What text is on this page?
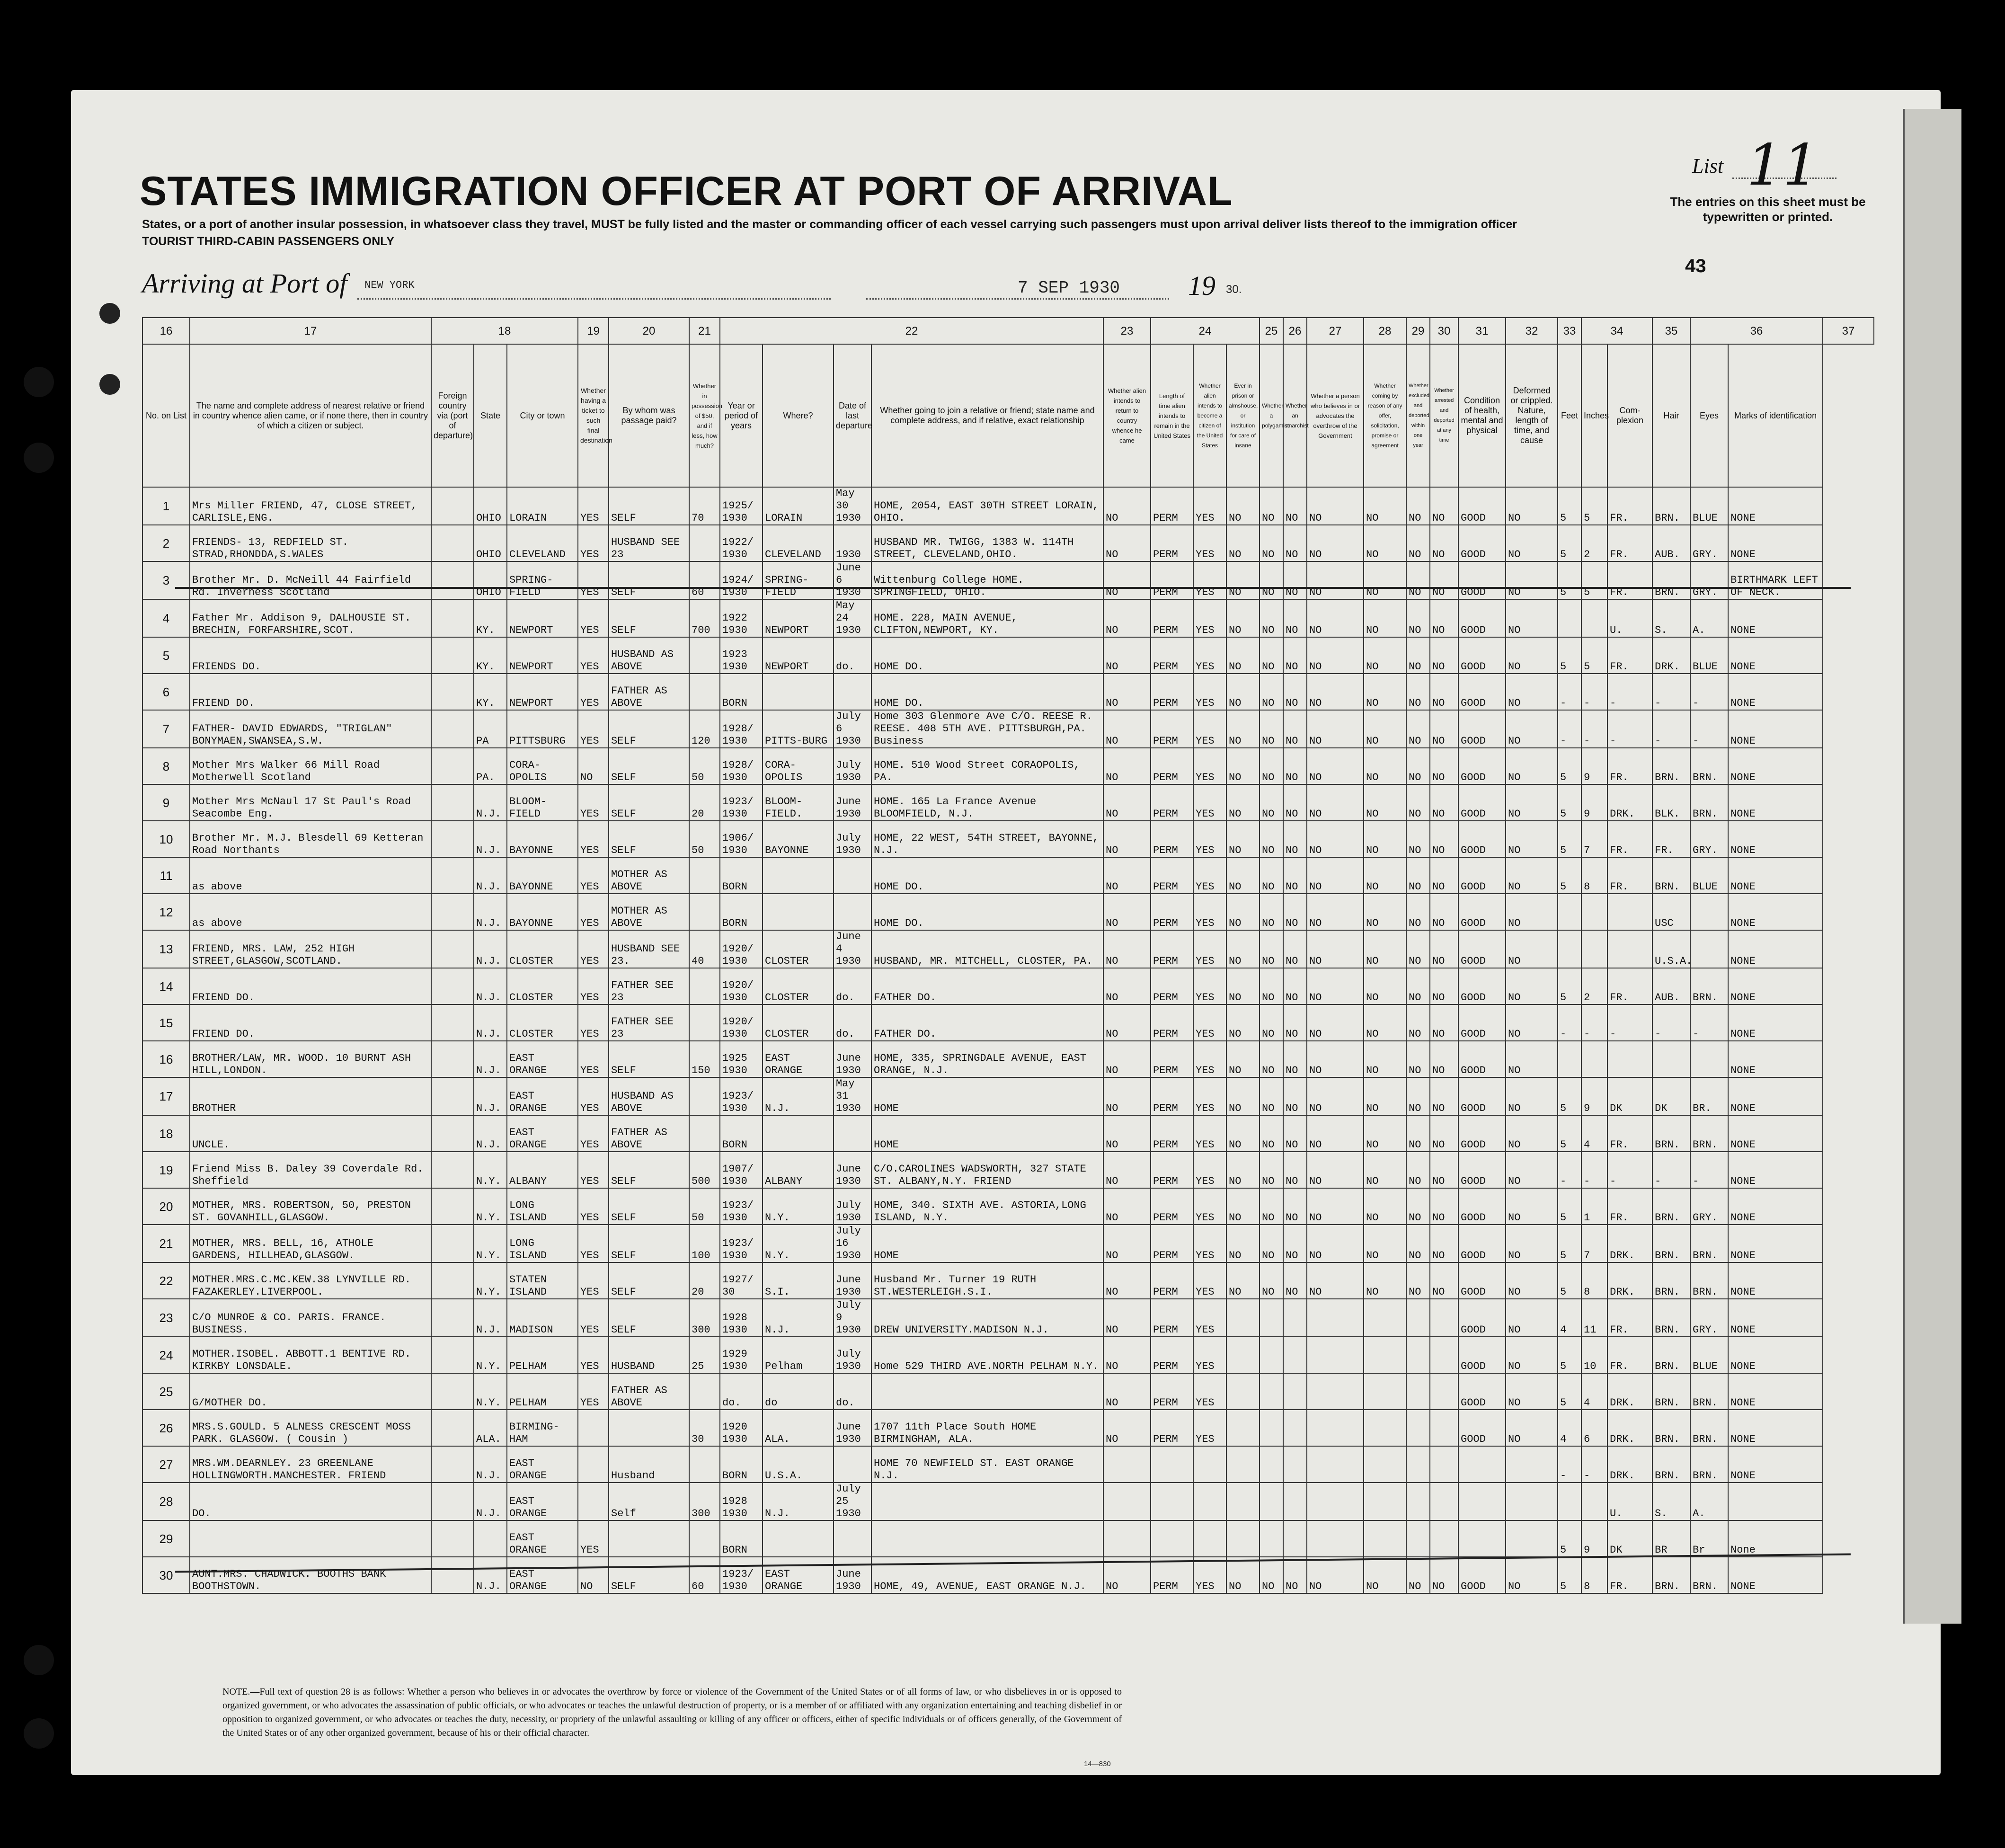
STATES IMMIGRATION OFFICER AT PORT OF ARRIVAL
States, or a port of another insular possession, in whatsoever class they travel, MUST be fully listed and the master or commanding officer of each vessel carrying such passengers must upon arrival deliver lists thereof to the immigration officer
TOURIST THIRD-CABIN PASSENGERS ONLY
Arriving at Port of NEW YORK	7 SEP 1930 19 30.
List 11
The entries on this sheet must be typewritten or printed.
43
16	17	18			19	20	21	22				23	24			25	26	27	28	29	30	31	32	33	34		35	36		37
No. on List	The name and complete address of nearest relative or friend in country whence alien came, or if none there, then in country of which a citizen or subject.	Foreign country via (port of departure)	State	City or town	Whether having a ticket to such final destination	By whom was passage paid?	Whether in possession of $50, and if less, how much?	Year or period of years	Where?	Date of last departure	Whether going to join a relative or friend; state name and complete address, and if relative, exact relationship	Whether alien intends to return to country whence he came	Length of time alien intends to remain in the United States	Whether alien intends to become a citizen of the United States	Ever in prison or almshouse, or institution for care of insane	Whether a polygamist	Whether an anarchist	Whether a person who believes in or advocates the overthrow of the Government	Whether coming by reason of any offer, solicitation, promise or agreement	Whether excluded and deported within one year	Whether arrested and deported at any time	Condition of health, mental and physical	Deformed or crippled. Nature, length of time, and cause	Feet	Inches	Com-plexion	Hair	Eyes	Marks of identification	
1	Mrs Miller FRIEND, 47, CLOSE STREET, CARLISLE,ENG.		OHIO	LORAIN	YES	SELF	70	1925/ 1930	LORAIN	May 30 1930	HOME, 2054, EAST 30TH STREET LORAIN, OHIO.	NO	PERM	YES	NO	NO	NO	NO	NO	NO	NO	GOOD	NO	5	5	FR.	BRN.	BLUE	NONE	
2	FRIENDS- 13, REDFIELD ST. STRAD,RHONDDA,S.WALES		OHIO	CLEVELAND	YES	HUSBAND SEE 23		1922/ 1930	CLEVELAND	1930	HUSBAND MR. TWIGG, 1383 W. 114TH STREET, CLEVELAND,OHIO.	NO	PERM	YES	NO	NO	NO	NO	NO	NO	NO	GOOD	NO	5	2	FR.	AUB.	GRY.	NONE	
3	Brother Mr. D. McNeill 44 Fairfield Rd. Inverness Scotland		OHIO	SPRING-FIELD	YES	SELF	60	1924/ 1930	SPRING-FIELD	June 6 1930	Wittenburg College HOME. SPRINGFIELD, OHIO.	NO	PERM	YES	NO	NO	NO	NO	NO	NO	NO	GOOD	NO	5	5	FR.	BRN.	GRY.	BIRTHMARK LEFT OF NECK.	
4	Father Mr. Addison 9, DALHOUSIE ST. BRECHIN, FORFARSHIRE,SCOT.		KY.	NEWPORT	YES	SELF	700	1922 1930	NEWPORT	May 24 1930	HOME. 228, MAIN AVENUE, CLIFTON,NEWPORT, KY.	NO	PERM	YES	NO	NO	NO	NO	NO	NO	NO	GOOD	NO			U.	S.	A.	NONE	
5	FRIENDS DO.		KY.	NEWPORT	YES	HUSBAND AS ABOVE		1923 1930	NEWPORT	do.	HOME DO.	NO	PERM	YES	NO	NO	NO	NO	NO	NO	NO	GOOD	NO	5	5	FR.	DRK.	BLUE	NONE	
6	FRIEND DO.		KY.	NEWPORT	YES	FATHER AS ABOVE		BORN			HOME DO.	NO	PERM	YES	NO	NO	NO	NO	NO	NO	NO	GOOD	NO	-	-	-	-	-	NONE	
7	FATHER- DAVID EDWARDS, "TRIGLAN" BONYMAEN,SWANSEA,S.W.		PA	PITTSBURG	YES	SELF	120	1928/ 1930	PITTS-BURG	July 6 1930	Home 303 Glenmore Ave C/O. REESE R. REESE. 408 5TH AVE. PITTSBURGH,PA. Business	NO	PERM	YES	NO	NO	NO	NO	NO	NO	NO	GOOD	NO	-	-	-	-	-	NONE	
8	Mother Mrs Walker 66 Mill Road Motherwell Scotland		PA.	CORA-OPOLIS	NO	SELF	50	1928/ 1930	CORA-OPOLIS	July 1930	HOME. 510 Wood Street CORAOPOLIS, PA.	NO	PERM	YES	NO	NO	NO	NO	NO	NO	NO	GOOD	NO	5	9	FR.	BRN.	BRN.	NONE	
9	Mother Mrs McNaul 17 St Paul's Road Seacombe Eng.		N.J.	BLOOM-FIELD	YES	SELF	20	1923/ 1930	BLOOM-FIELD.	June 1930	HOME. 165 La France Avenue BLOOMFIELD, N.J.	NO	PERM	YES	NO	NO	NO	NO	NO	NO	NO	GOOD	NO	5	9	DRK.	BLK.	BRN.	NONE	
10	Brother Mr. M.J. Blesdell 69 Ketteran Road Northants		N.J.	BAYONNE	YES	SELF	50	1906/ 1930	BAYONNE	July 1930	HOME, 22 WEST, 54TH STREET, BAYONNE, N.J.	NO	PERM	YES	NO	NO	NO	NO	NO	NO	NO	GOOD	NO	5	7	FR.	FR.	GRY.	NONE	
11	as above		N.J.	BAYONNE	YES	MOTHER AS ABOVE		BORN			HOME DO.	NO	PERM	YES	NO	NO	NO	NO	NO	NO	NO	GOOD	NO	5	8	FR.	BRN.	BLUE	NONE	
12	as above		N.J.	BAYONNE	YES	MOTHER AS ABOVE		BORN			HOME DO.	NO	PERM	YES	NO	NO	NO	NO	NO	NO	NO	GOOD	NO				USC		NONE	
13	FRIEND, MRS. LAW, 252 HIGH STREET,GLASGOW,SCOTLAND.		N.J.	CLOSTER	YES	HUSBAND SEE 23.	40	1920/ 1930	CLOSTER	June 4 1930	HUSBAND, MR. MITCHELL, CLOSTER, PA.	NO	PERM	YES	NO	NO	NO	NO	NO	NO	NO	GOOD	NO				U.S.A.		NONE	
14	FRIEND DO.		N.J.	CLOSTER	YES	FATHER SEE 23		1920/ 1930	CLOSTER	do.	FATHER DO.	NO	PERM	YES	NO	NO	NO	NO	NO	NO	NO	GOOD	NO	5	2	FR.	AUB.	BRN.	NONE	
15	FRIEND DO.		N.J.	CLOSTER	YES	FATHER SEE 23		1920/ 1930	CLOSTER	do.	FATHER DO.	NO	PERM	YES	NO	NO	NO	NO	NO	NO	NO	GOOD	NO	-	-	-	-	-	NONE	
16	BROTHER/LAW, MR. WOOD. 10 BURNT ASH HILL,LONDON.		N.J.	EAST ORANGE	YES	SELF	150	1925 1930	EAST ORANGE	June 1930	HOME, 335, SPRINGDALE AVENUE, EAST ORANGE, N.J.	NO	PERM	YES	NO	NO	NO	NO	NO	NO	NO	GOOD	NO						NONE	
17	BROTHER		N.J.	EAST ORANGE	YES	HUSBAND AS ABOVE		1923/ 1930	N.J.	May 31 1930	HOME	NO	PERM	YES	NO	NO	NO	NO	NO	NO	NO	GOOD	NO	5	9	DK	DK	BR.	NONE	
18	UNCLE.		N.J.	EAST ORANGE	YES	FATHER AS ABOVE		BORN			HOME	NO	PERM	YES	NO	NO	NO	NO	NO	NO	NO	GOOD	NO	5	4	FR.	BRN.	BRN.	NONE	
19	Friend Miss B. Daley 39 Coverdale Rd. Sheffield		N.Y.	ALBANY	YES	SELF	500	1907/ 1930	ALBANY	June 1930	C/O.CAROLINES WADSWORTH, 327 STATE ST. ALBANY,N.Y. FRIEND	NO	PERM	YES	NO	NO	NO	NO	NO	NO	NO	GOOD	NO	-	-	-	-	-	NONE	
20	MOTHER, MRS. ROBERTSON, 50, PRESTON ST. GOVANHILL,GLASGOW.		N.Y.	LONG ISLAND	YES	SELF	50	1923/ 1930	N.Y.	July 1930	HOME, 340. SIXTH AVE. ASTORIA,LONG ISLAND, N.Y.	NO	PERM	YES	NO	NO	NO	NO	NO	NO	NO	GOOD	NO	5	1	FR.	BRN.	GRY.	NONE	
21	MOTHER, MRS. BELL, 16, ATHOLE GARDENS, HILLHEAD,GLASGOW.		N.Y.	LONG ISLAND	YES	SELF	100	1923/ 1930	N.Y.	July 16 1930	HOME	NO	PERM	YES	NO	NO	NO	NO	NO	NO	NO	GOOD	NO	5	7	DRK.	BRN.	BRN.	NONE	
22	MOTHER.MRS.C.MC.KEW.38 LYNVILLE RD. FAZAKERLEY.LIVERPOOL.		N.Y.	STATEN ISLAND	YES	SELF	20	1927/ 30	S.I.	June 1930	Husband Mr. Turner 19 RUTH ST.WESTERLEIGH.S.I.	NO	PERM	YES	NO	NO	NO	NO	NO	NO	NO	GOOD	NO	5	8	DRK.	BRN.	BRN.	NONE	
23	C/O MUNROE & CO. PARIS. FRANCE. BUSINESS.		N.J.	MADISON	YES	SELF	300	1928 1930	N.J.	July 9 1930	DREW UNIVERSITY.MADISON N.J.	NO	PERM	YES								GOOD	NO	4	11	FR.	BRN.	GRY.	NONE	
24	MOTHER.ISOBEL. ABBOTT.1 BENTIVE RD. KIRKBY LONSDALE.		N.Y.	PELHAM	YES	HUSBAND	25	1929 1930	Pelham	July 1930	Home 529 THIRD AVE.NORTH PELHAM N.Y.	NO	PERM	YES								GOOD	NO	5	10	FR.	BRN.	BLUE	NONE	
25	G/MOTHER DO.		N.Y.	PELHAM	YES	FATHER AS ABOVE		do.	do	do.		NO	PERM	YES								GOOD	NO	5	4	DRK.	BRN.	BRN.	NONE	
26	MRS.S.GOULD. 5 ALNESS CRESCENT MOSS PARK. GLASGOW. ( Cousin )		ALA.	BIRMING-HAM			30	1920 1930	ALA.	June 1930	1707 11th Place South HOME BIRMINGHAM, ALA.	NO	PERM	YES								GOOD	NO	4	6	DRK.	BRN.	BRN.	NONE	
27	MRS.WM.DEARNLEY. 23 GREENLANE HOLLINGWORTH.MANCHESTER. FRIEND		N.J.	EAST ORANGE		Husband		BORN	U.S.A.		HOME 70 NEWFIELD ST. EAST ORANGE N.J.													-	-	DRK.	BRN.	BRN.	NONE	
28	DO.		N.J.	EAST ORANGE		Self	300	1928 1930	N.J.	July 25 1930																U.	S.	A.		
29				EAST ORANGE	YES			BORN																5	9	DK	BR	Br	None	
30	AUNT.MRS. CHADWICK. BOOTHS BANK BOOTHSTOWN.		N.J.	EAST ORANGE	NO	SELF	60	1923/ 1930	EAST ORANGE	June 1930	HOME, 49, AVENUE, EAST ORANGE N.J.	NO	PERM	YES	NO	NO	NO	NO	NO	NO	NO	GOOD	NO	5	8	FR.	BRN.	BRN.	NONE	
NOTE.—Full text of question 28 is as follows: Whether a person who believes in or advocates the overthrow by force or violence of the Government of the United States or of all forms of law, or who disbelieves in or is opposed to organized government, or who advocates the assassination of public officials, or who advocates or teaches the unlawful destruction of property, or is a member of or affiliated with any organization entertaining and teaching disbelief in or opposition to organized government, or who advocates or teaches the duty, necessity, or propriety of the unlawful assaulting or killing of any officer or officers, either of specific individuals or of officers generally, of the Government of the United States or of any other organized government, because of his or their official character.
14—830
